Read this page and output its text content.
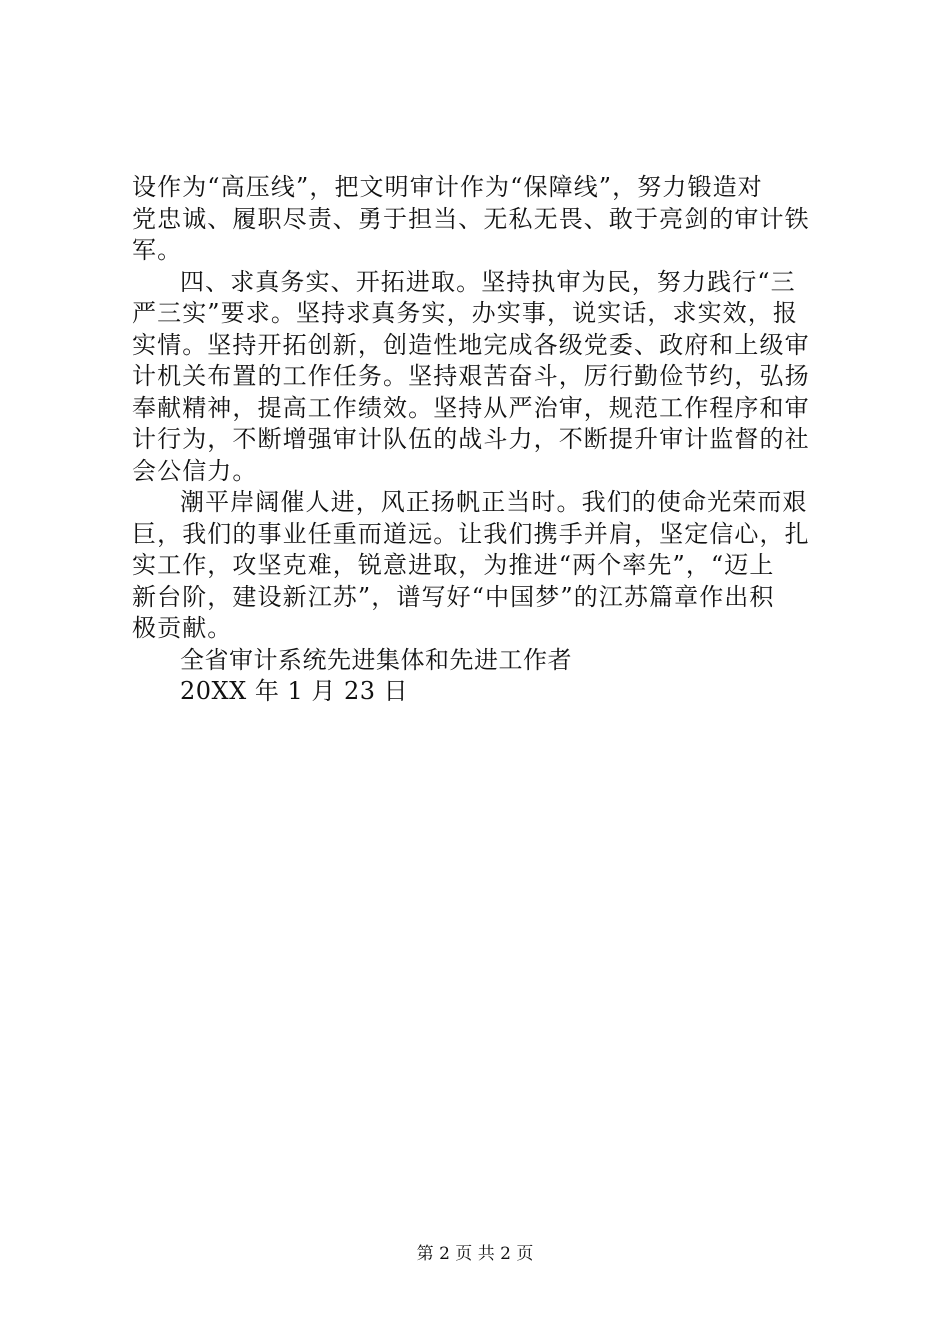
设作为“高压线”，把文明审计作为“保障线”，努力锻造对
党忠诚、履职尽责、勇于担当、无私无畏、敢于亮剑的审计铁
军。

四、求真务实、开拓进取。坚持执审为民，努力践行“三
严三实”要求。坚持求真务实，办实事，说实话，求实效，报
实情。坚持开拓创新，创造性地完成各级党委、政府和上级审
计机关布置的工作任务。坚持艰苦奋斗，厉行勤俭节约，弘扬
奉献精神，提高工作绩效。坚持从严治审，规范工作程序和审
计行为，不断增强审计队伍的战斗力，不断提升审计监督的社
会公信力。

潮平岸阔催人进，风正扬帆正当时。我们的使命光荣而艰
巨，我们的事业任重而道远。让我们携手并肩，坚定信心，扎
实工作，攻坚克难，锐意进取，为推进“两个率先”，“迈上
新台阶，建设新江苏”，谱写好“中国梦”的江苏篇章作出积
极贡献。

全省审计系统先进集体和先进工作者

20XX 年 1 月 23 日

第 2 页 共 2 页
